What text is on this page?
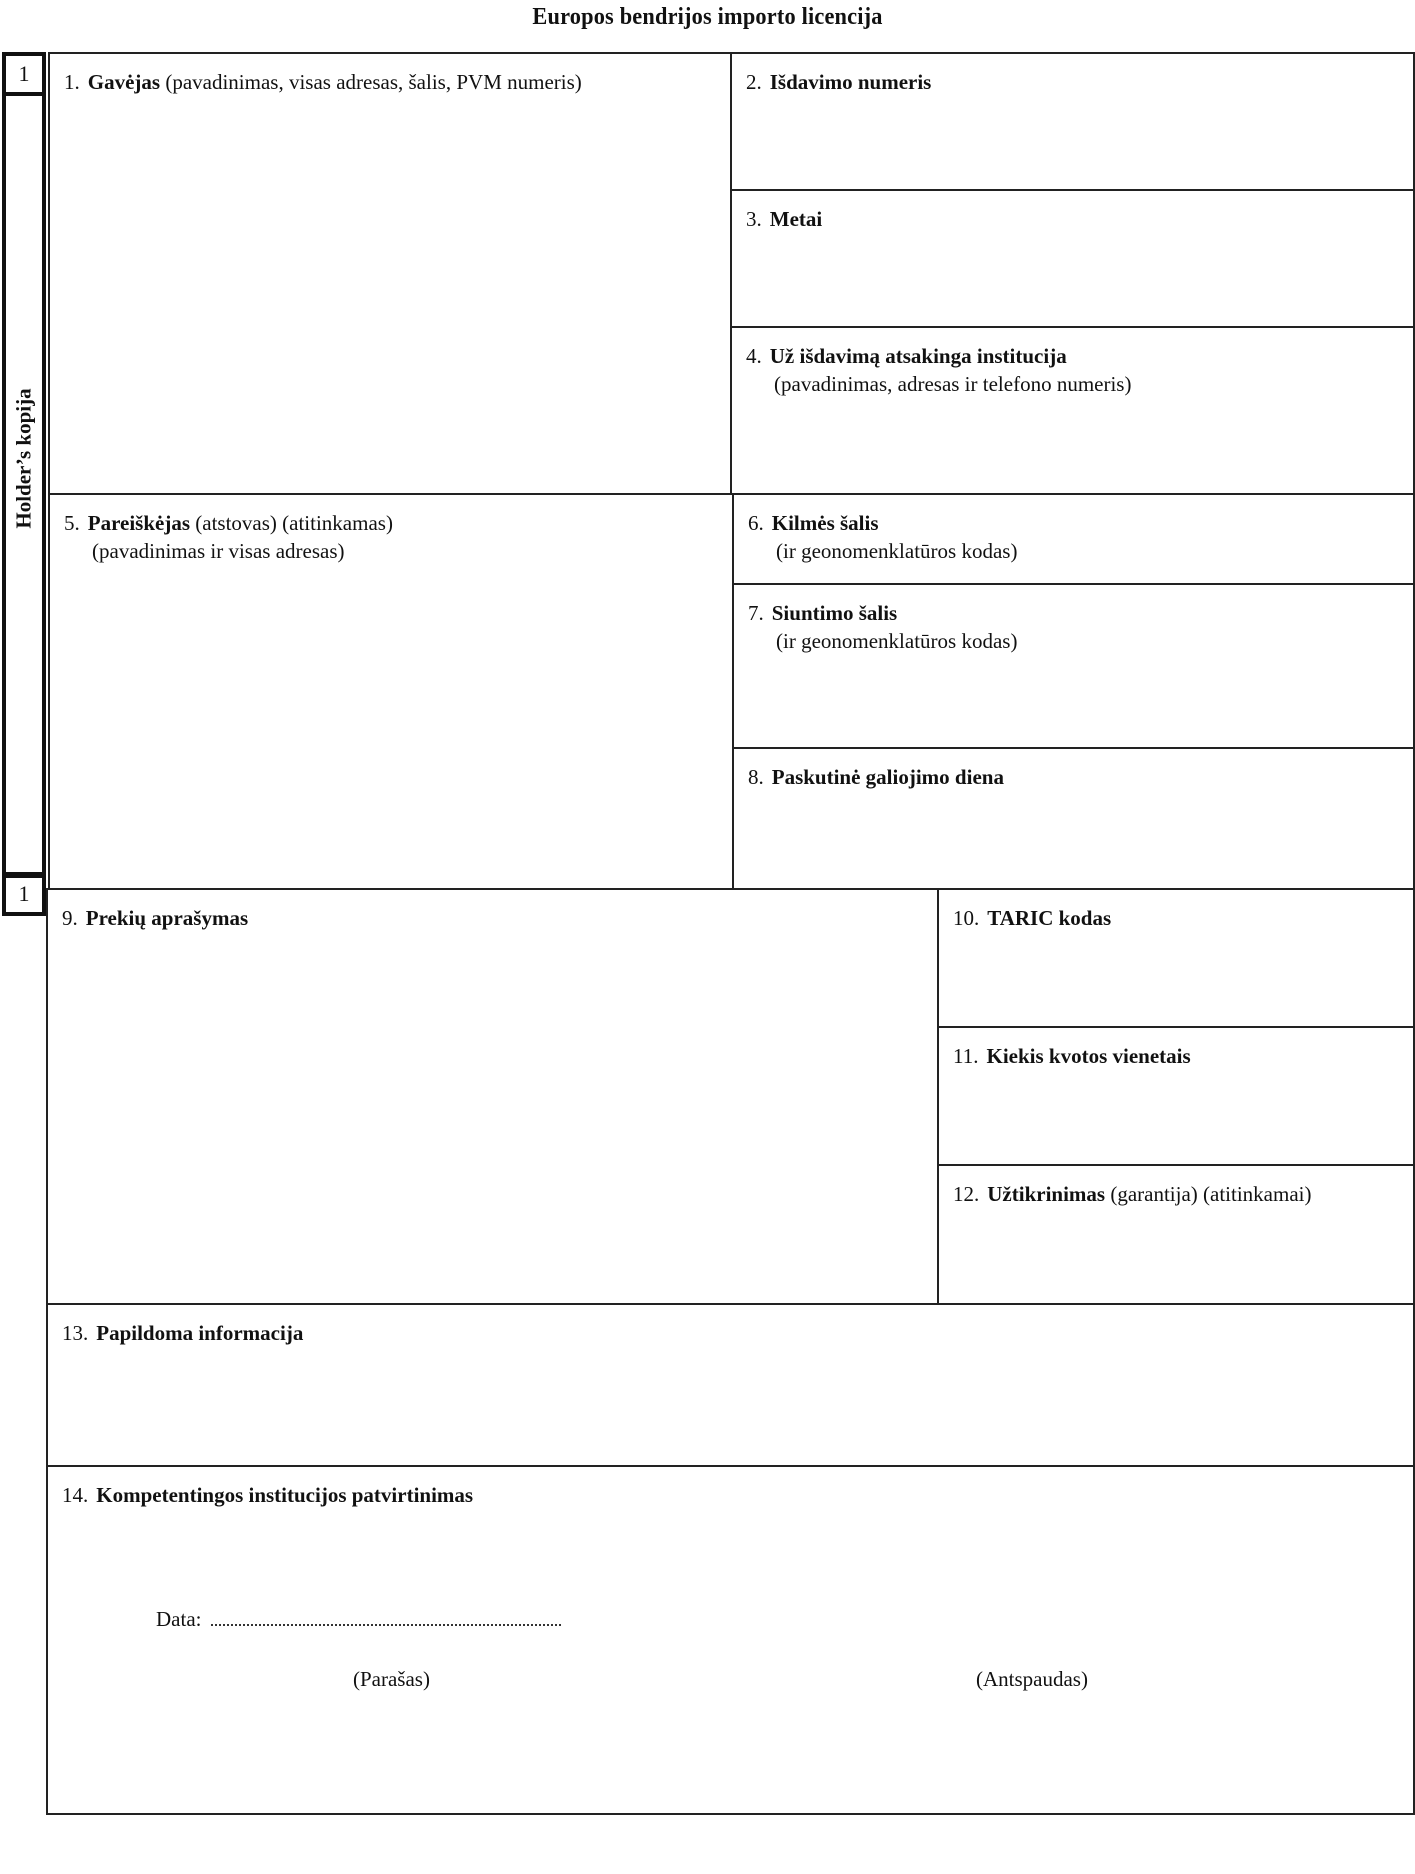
Europos bendrijos importo licencija
1
Holder’s kopija
1
1. Gavėjas (pavadinimas, visas adresas, šalis, PVM numeris)	2. Išdavimo numeris
3. Metai
4. Už išdavimą atsakinga institucija
(pavadinimas, adresas ir telefono numeris)
5. Pareiškėjas (atstovas) (atitinkamas)
(pavadinimas ir visas adresas)
6. Kilmės šalis
(ir geonomenklatūros kodas)
7. Siuntimo šalis
(ir geonomenklatūros kodas)
8. Paskutinė galiojimo diena
9. Prekių aprašymas	10. TARIC kodas
11. Kiekis kvotos vienetais
12. Užtikrinimas (garantija) (atitinkamai)
13. Papildoma informacija
14. Kompetentingos institucijos patvirtinimas
Data:
(Parašas)	(Antspaudas)
